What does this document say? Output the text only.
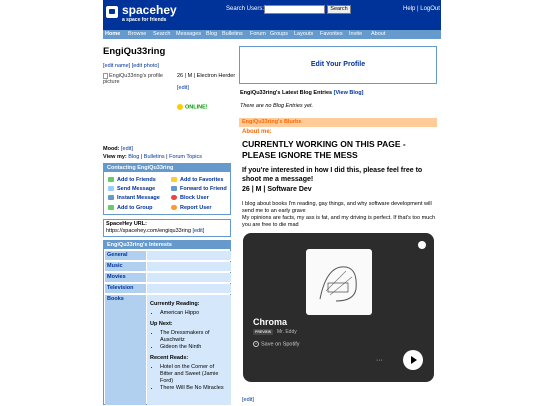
spacehey
a space for friends
Search Users:	Search	Help | LogOut
Home Browse Search Messages Blog Bulletins Forum Groups Layouts Favorites Invite About
EngiQu33ring
[edit name] [edit photo]
EngiQu33ring's profile picture
26 | M | Electron Herder
[edit]
ONLINE!
Mood: [edit]
View my: Blog | Bulletins | Forum Topics
Contacting EngiQu33ring
Add to Friends	Add to Favorites
Send Message	Forward to Friend
Instant Message	Block User
Add to Group	Report User
SpaceHey URL:
https://spacehey.com/engiqu33ring [edit]
EngiQu33ring's Interests
General
Music
Movies
Television
Books
Currently Reading:
• American Hippo
Up Next:
• The Dressmakers of Auschwitz
• Gideon the Ninth
Recent Reads:
• Hotel on the Corner of Bitter and Sweet (Jamie Ford)
• There Will Be No Miracles
Edit Your Profile
EngiQu33ring's Latest Blog Entries [View Blog]
There are no Blog Entries yet.
EngiQu33ring's Blurbs
About me:
CURRENTLY WORKING ON THIS PAGE - PLEASE IGNORE THE MESS
If you're interested in how I did this, please feel free to shoot me a message!
26 | M | Software Dev
I blog about books I'm reading, gay things, and why software development will send me to an early grave
My opinions are facts, my ass is fat, and my driving is perfect. If that's too much you are free to die mad
Chroma
PREVIEW	Mr. Eddy
+ Save on Spotify
···
[edit]
